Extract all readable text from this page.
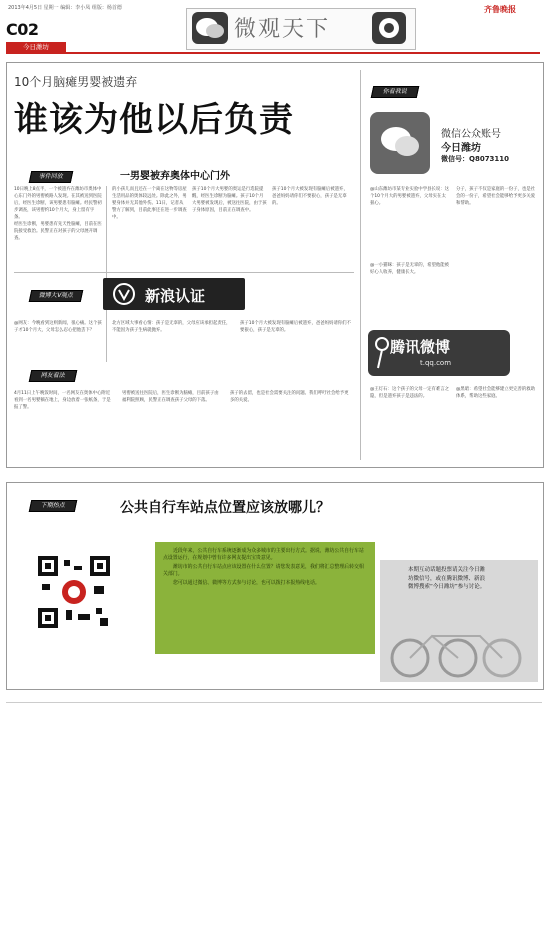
2013年4月5日 星期一 编辑：李小凤 组版：杨首德
C02
今日潍坊
齐鲁晚报
微观天下
10个月脑瘫男婴被遗弃
谁该为他以后负责
事件回放	一男婴被弃奥体中心门外

10日晚上8点半，一个被遗弃在潍坊市奥体中心东门外的男婴被路人发现。在其被送到医院后，经医生诊断，该男婴患有脑瘫。经民警初步调查，该男婴约10个月大，身上留有字条。

经医生诊断，男婴患有先天性脑瘫，目前在医院接受救治。民警正在对孩子的父母展开调查。

的小孩儿而且还在一个离在这物等房屋生活用品的奥体较远处。除此之外，男婴身体并无其他外伤。11日，记者从警方了解到，目前此事还在进一步调查中。
孩子10个月大男婴的奥运是行选院提醒，经医生诊断为脑瘫。孩子10个月大男婴被发现后，被送往医院，由于孩子身体原因，目前正在调查中。
孩子10个月大被发现有脑瘫后被遗弃，爸爸妈妈请你们不要狠心，孩子是无辜的。
微博大V观点	新浪认证
@网友：今晚看到这则新闻，很心痛。这个孩子才10个月大，父母怎么忍心把他丢下？
北方区域大事看心情：孩子是无辜的，父母应该承担起责任，不能因为孩子生病就抛弃。
孩子10个月大被发现有脑瘫后被遗弃，爸爸妈妈请你们不要狠心，孩子是无辜的。
网友看法
4月11日上午晚饭时间，一名网友在奥体中心附近看到一名男婴躺在地上，身边放着一张纸条，于是报了警。
男婴被送往医院后，医生诊断为脑瘫，目前孩子由福利院照顾，民警正在调查孩子父母的下落。
孩子的去留，也是社会需要关注的问题。我们呼吁社会给予更多的关爱。
你看我说
微信公众账号
今日潍坊
微信号：Q8073110
@山东潍坊市某专业实验中学县长说：这个10个月大的男婴被遗弃，父母实在太狠心。
分子，孩子不仅是家庭的一份子，也是社会的一份子，希望社会能够给予更多关爱和帮助。
@一小猫咪：孩子是无辜的，希望他能被好心人收养，健康长大。
腾讯微博
t.qq.com
@王灯石：这个孩子的父母一定有难言之隐，但是遗弃孩子是违法的。
@黑暗：希望社会能够建立更完善的救助体系，帮助这些家庭。
下期热点	公共自行车站点位置应该放哪儿？

近段年来，公共自行车系统逐渐成为众多城市的主要出行方式。据说，潍坊公共自行车站点设置运行，在规划中曾有许多网友提出宝贵意见。

潍坊市的公共自行车站点应该设置在什么位置？请您发表意见，我们将汇总整理后转交相关部门。

您可以通过微信、微博等方式参与讨论，也可以拨打本报热线电话。

本期互动话题投票请关注今日潍坊微信号，或在腾讯微博、新浪微博搜索“今日潍坊”参与讨论。
